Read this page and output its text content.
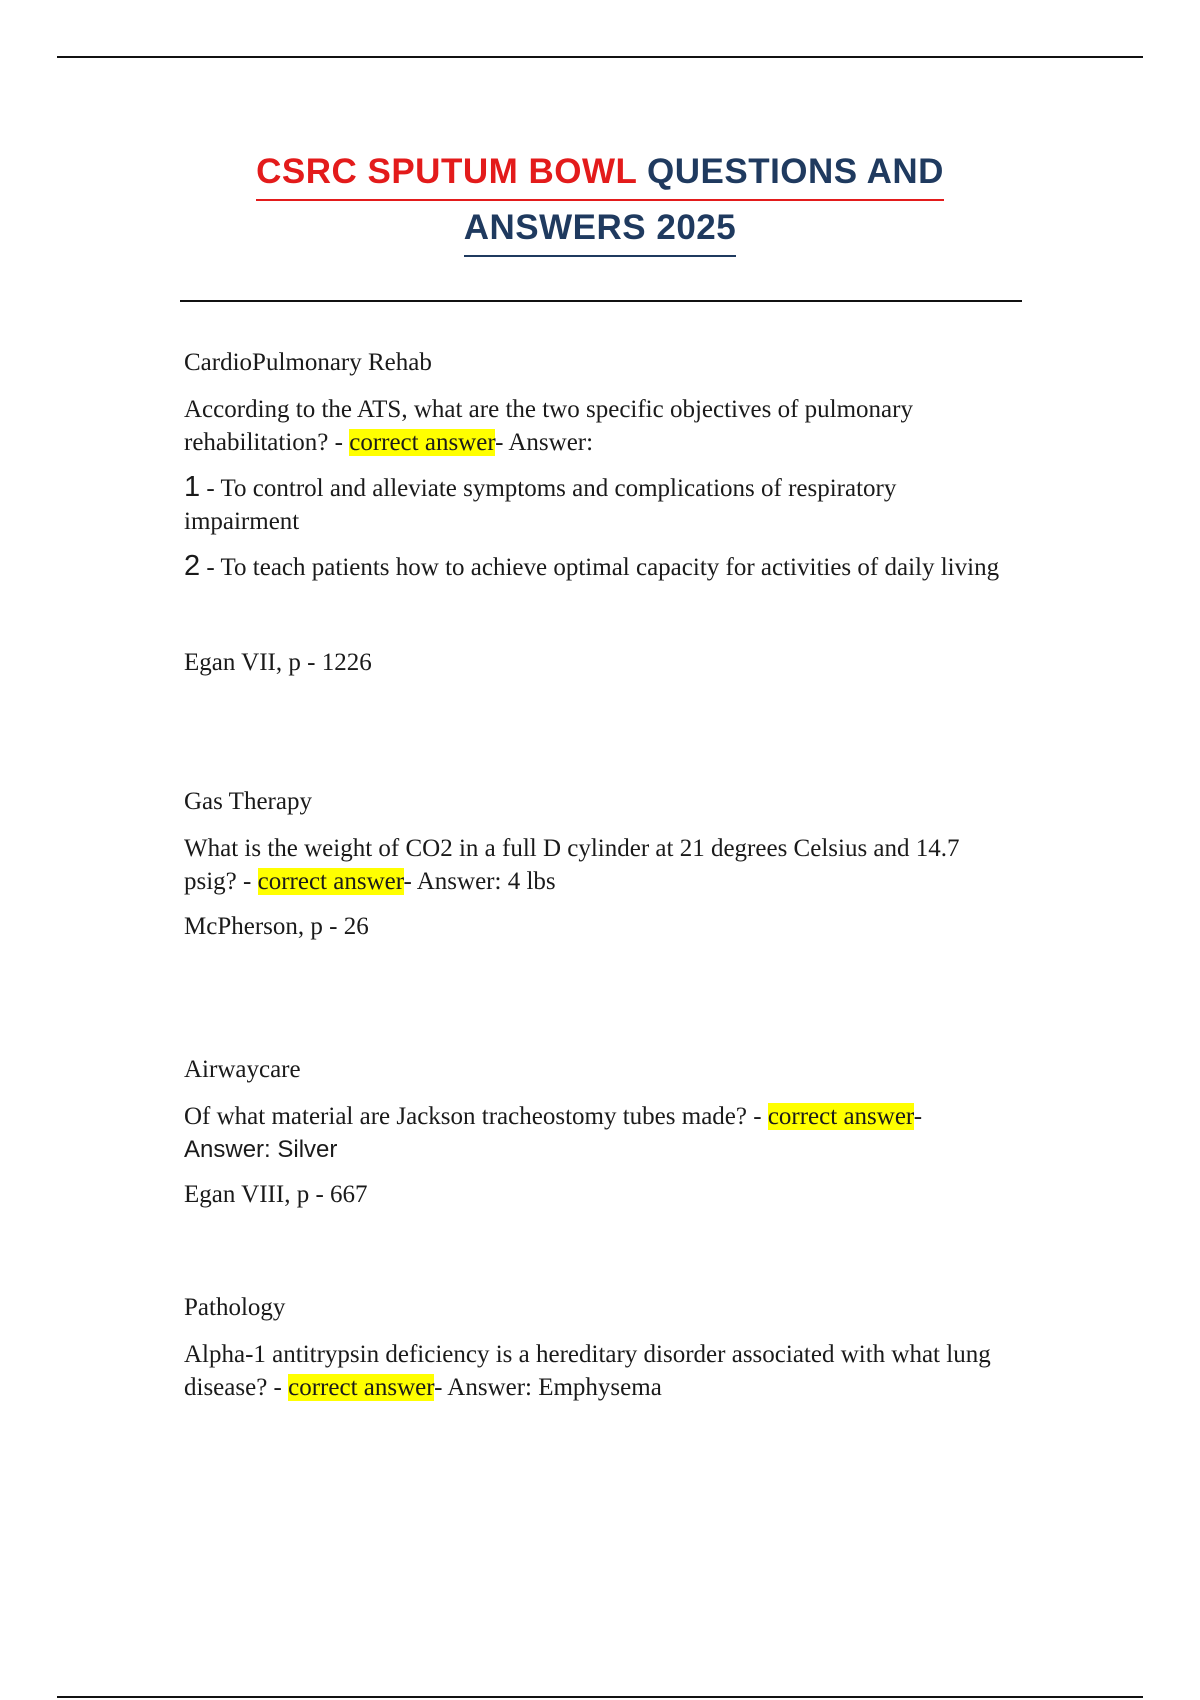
CSRC SPUTUM BOWL QUESTIONS AND
ANSWERS 2025

CardioPulmonary Rehab

According to the ATS, what are the two specific objectives of pulmonary rehabilitation? - correct answer- Answer:

1 - To control and alleviate symptoms and complications of respiratory impairment

2 - To teach patients how to achieve optimal capacity for activities of daily living

Egan VII, p - 1226

Gas Therapy

What is the weight of CO2 in a full D cylinder at 21 degrees Celsius and 14.7 psig? - correct answer- Answer: 4 lbs

McPherson, p - 26

Airwaycare

Of what material are Jackson tracheostomy tubes made? - correct answer-
Answer: Silver

Egan VIII, p - 667

Pathology

Alpha-1 antitrypsin deficiency is a hereditary disorder associated with what lung disease? - correct answer- Answer: Emphysema
